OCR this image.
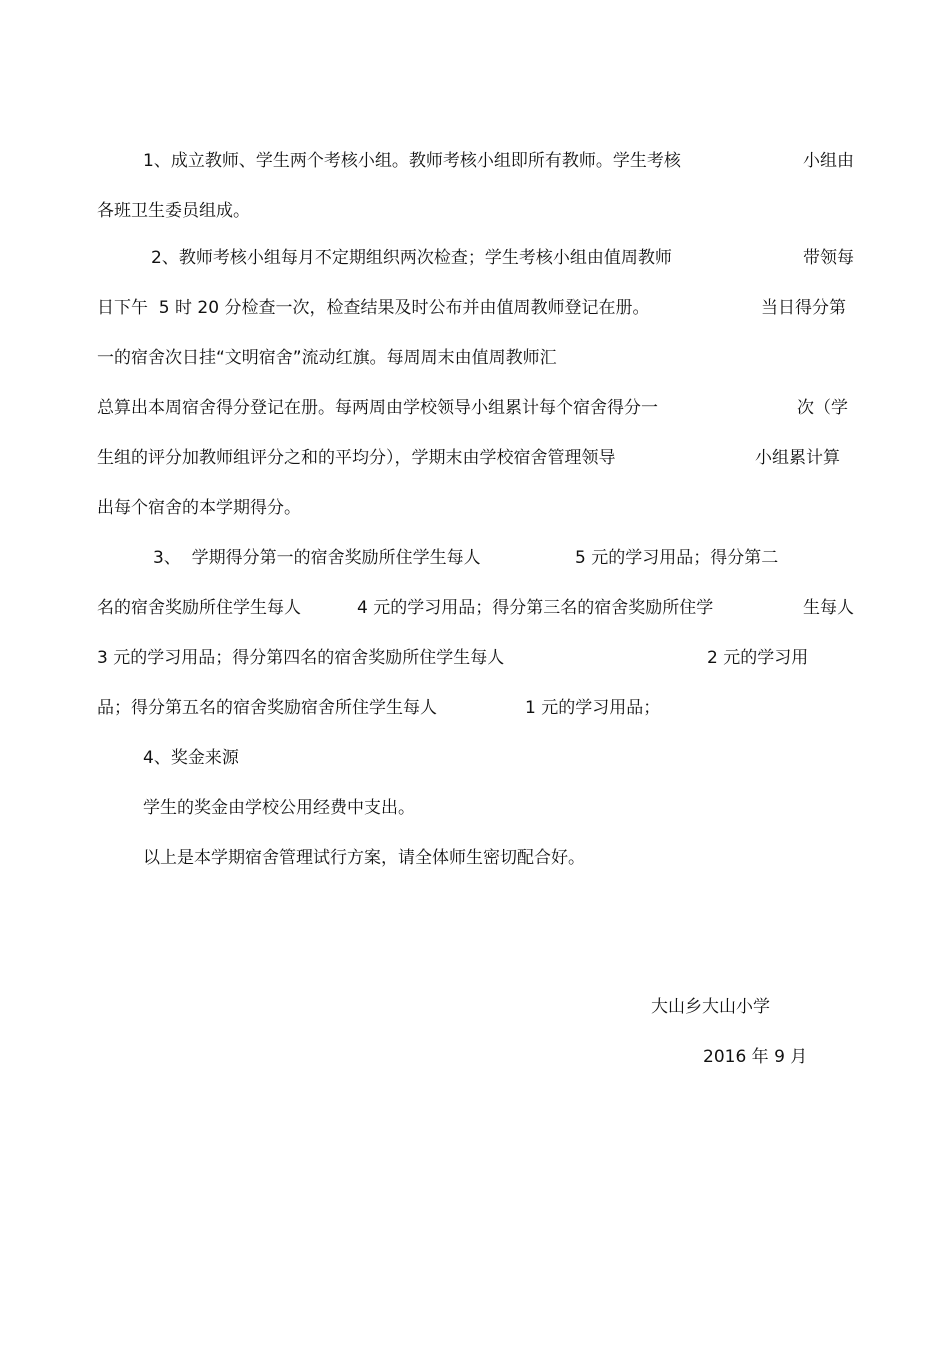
1、成立教师、学生两个考核小组。教师考核小组即所有教师。学生考核	小组由
各班卫生委员组成。
2、教师考核小组每月不定期组织两次检查；学生考核小组由值周教师	带领每
日下午  5 时 20 分检查一次，检查结果及时公布并由值周教师登记在册。	当日得分第
一的宿舍次日挂“文明宿舍”流动红旗。每周周末由值周教师汇
总算出本周宿舍得分登记在册。每两周由学校领导小组累计每个宿舍得分一	次（学
生组的评分加教师组评分之和的平均分），学期末由学校宿舍管理领导	小组累计算
出每个宿舍的本学期得分。
3、  学期得分第一的宿舍奖励所住学生每人	5 元的学习用品；得分第二
名的宿舍奖励所住学生每人	4 元的学习用品；得分第三名的宿舍奖励所住学	生每人
3 元的学习用品；得分第四名的宿舍奖励所住学生每人	2 元的学习用
品；得分第五名的宿舍奖励宿舍所住学生每人	1 元的学习用品；
4、奖金来源
学生的奖金由学校公用经费中支出。
以上是本学期宿舍管理试行方案，请全体师生密切配合好。
大山乡大山小学
2016 年 9 月
